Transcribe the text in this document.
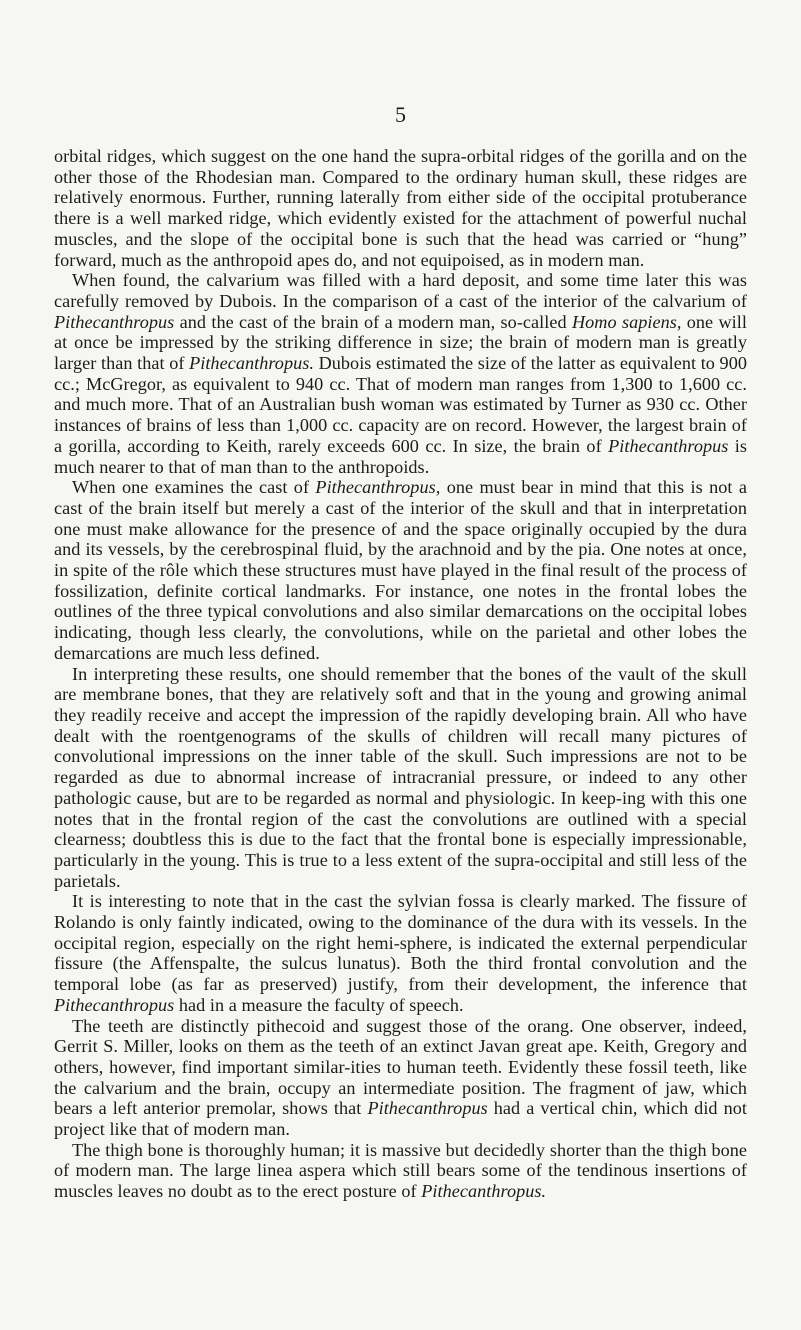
5

orbital ridges, which suggest on the one hand the supra-orbital ridges of the gorilla and on the other those of the Rhodesian man. Compared to the ordinary human skull, these ridges are relatively enormous. Further, running laterally from either side of the occipital protuberance there is a well marked ridge, which evidently existed for the attachment of powerful nuchal muscles, and the slope of the occipital bone is such that the head was carried or “hung” forward, much as the anthropoid apes do, and not equipoised, as in modern man.

When found, the calvarium was filled with a hard deposit, and some time later this was carefully removed by Dubois. In the comparison of a cast of the interior of the calvarium of Pithecanthropus and the cast of the brain of a modern man, so-called Homo sapiens, one will at once be impressed by the striking difference in size; the brain of modern man is greatly larger than that of Pithecanthropus. Dubois estimated the size of the latter as equivalent to 900 cc.; McGregor, as equivalent to 940 cc. That of modern man ranges from 1,300 to 1,600 cc. and much more. That of an Australian bush woman was estimated by Turner as 930 cc. Other instances of brains of less than 1,000 cc. capacity are on record. However, the largest brain of a gorilla, according to Keith, rarely exceeds 600 cc. In size, the brain of Pithecanthropus is much nearer to that of man than to the anthropoids.

When one examines the cast of Pithecanthropus, one must bear in mind that this is not a cast of the brain itself but merely a cast of the interior of the skull and that in interpretation one must make allowance for the presence of and the space originally occupied by the dura and its vessels, by the cerebrospinal fluid, by the arachnoid and by the pia. One notes at once, in spite of the rôle which these structures must have played in the final result of the process of fossilization, definite cortical landmarks. For instance, one notes in the frontal lobes the outlines of the three typical convolutions and also similar demarcations on the occipital lobes indicating, though less clearly, the convolutions, while on the parietal and other lobes the demarcations are much less defined.

In interpreting these results, one should remember that the bones of the vault of the skull are membrane bones, that they are relatively soft and that in the young and growing animal they readily receive and accept the impression of the rapidly developing brain. All who have dealt with the roentgenograms of the skulls of children will recall many pictures of convolutional impressions on the inner table of the skull. Such impressions are not to be regarded as due to abnormal increase of intracranial pressure, or indeed to any other pathologic cause, but are to be regarded as normal and physiologic. In keep-ing with this one notes that in the frontal region of the cast the convolutions are outlined with a special clearness; doubtless this is due to the fact that the frontal bone is especially impressionable, particularly in the young. This is true to a less extent of the supra-occipital and still less of the parietals.

It is interesting to note that in the cast the sylvian fossa is clearly marked. The fissure of Rolando is only faintly indicated, owing to the dominance of the dura with its vessels. In the occipital region, especially on the right hemi-sphere, is indicated the external perpendicular fissure (the Affenspalte, the sulcus lunatus). Both the third frontal convolution and the temporal lobe (as far as preserved) justify, from their development, the inference that Pithecanthropus had in a measure the faculty of speech.

The teeth are distinctly pithecoid and suggest those of the orang. One observer, indeed, Gerrit S. Miller, looks on them as the teeth of an extinct Javan great ape. Keith, Gregory and others, however, find important similar-ities to human teeth. Evidently these fossil teeth, like the calvarium and the brain, occupy an intermediate position. The fragment of jaw, which bears a left anterior premolar, shows that Pithecanthropus had a vertical chin, which did not project like that of modern man.

The thigh bone is thoroughly human; it is massive but decidedly shorter than the thigh bone of modern man. The large linea aspera which still bears some of the tendinous insertions of muscles leaves no doubt as to the erect posture of Pithecanthropus.
